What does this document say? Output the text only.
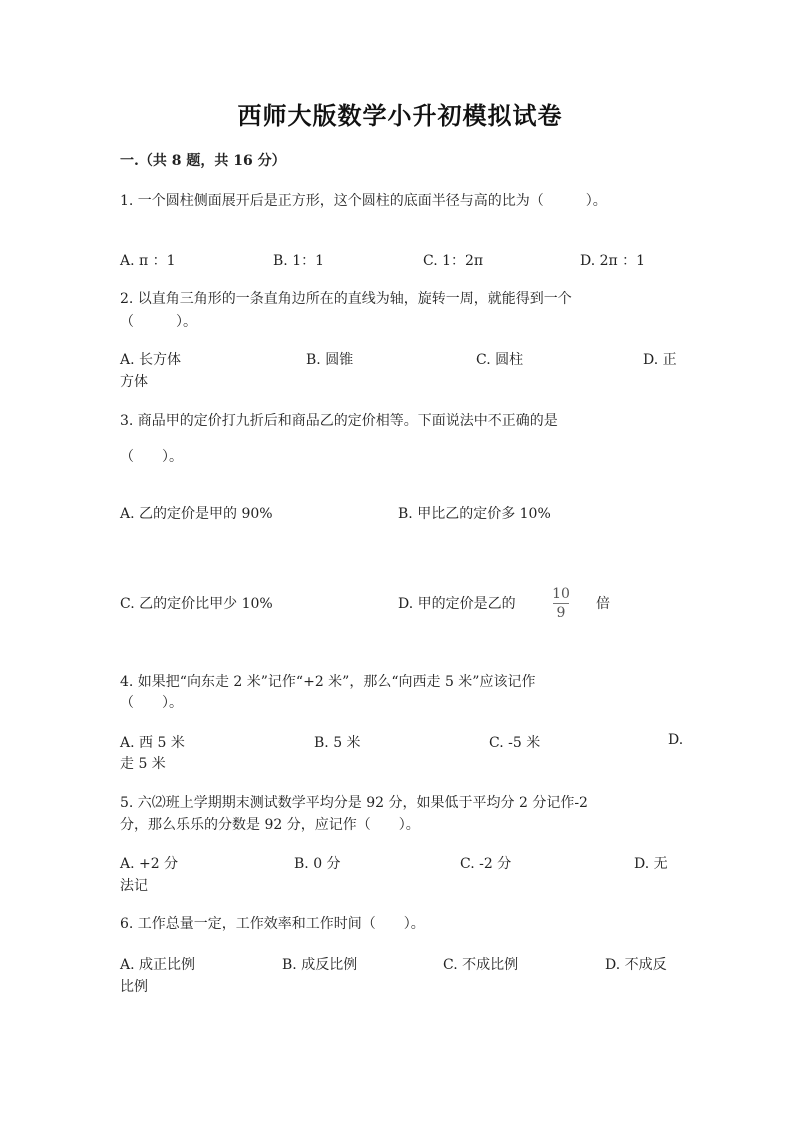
西师大版数学小升初模拟试卷
一.（共 8 题，共 16 分）
1. 一个圆柱侧面展开后是正方形，这个圆柱的底面半径与高的比为（　　　）。
A. π ：1	B. 1：1	C. 1：2π	D. 2π ：1
2. 以直角三角形的一条直角边所在的直线为轴，旋转一周，就能得到一个
（　　　）。
A. 长方体	B. 圆锥	C. 圆柱	D. 正
方体
3. 商品甲的定价打九折后和商品乙的定价相等。下面说法中不正确的是
（　　）。
A. 乙的定价是甲的 90%	B. 甲比乙的定价多 10%
C. 乙的定价比甲少 10%	D. 甲的定价是乙的
10
9
倍
4. 如果把“向东走 2 米”记作“+2 米”，那么“向西走 5 米”应该记作
（　　）。
A. 西 5 米	B. 5 米	C. -5 米	D.
走 5 米
5. 六⑵班上学期期末测试数学平均分是 92 分，如果低于平均分 2 分记作-2
分，那么乐乐的分数是 92 分，应记作（　　）。
A. +2 分	B. 0 分	C. -2 分	D. 无
法记
6. 工作总量一定，工作效率和工作时间（　　）。
A. 成正比例	B. 成反比例	C. 不成比例	D. 不成反
比例
